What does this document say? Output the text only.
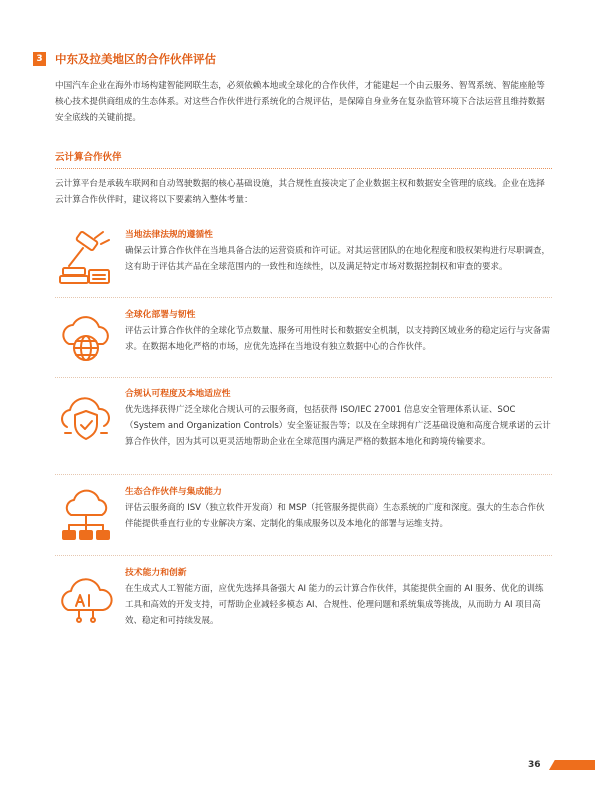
3 中东及拉美地区的合作伙伴评估

中国汽车企业在海外市场构建智能网联生态，必须依赖本地或全球化的合作伙伴，才能建起一个由云服务、智驾系统、智能座舱等核心技术提供商组成的生态体系。对这些合作伙伴进行系统化的合规评估，是保障自身业务在复杂监管环境下合法运营且维持数据安全底线的关键前提。

云计算合作伙伴

云计算平台是承载车联网和自动驾驶数据的核心基础设施，其合规性直接决定了企业数据主权和数据安全管理的底线。企业在选择云计算合作伙伴时，建议将以下要素纳入整体考量：

当地法律法规的遵循性

确保云计算合作伙伴在当地具备合法的运营资质和许可证。对其运营团队的在地化程度和股权架构进行尽职调查，这有助于评估其产品在全球范围内的一致性和连续性，以及满足特定市场对数据控制权和审查的要求。

全球化部署与韧性

评估云计算合作伙伴的全球化节点数量、服务可用性时长和数据安全机制，以支持跨区域业务的稳定运行与灾备需求。在数据本地化严格的市场，应优先选择在当地设有独立数据中心的合作伙伴。

合规认可程度及本地适应性

优先选择获得广泛全球化合规认可的云服务商，包括获得 ISO/IEC 27001 信息安全管理体系认证、SOC（System and Organization Controls）安全鉴证报告等；以及在全球拥有广泛基础设施和高度合规承诺的云计算合作伙伴，因为其可以更灵活地帮助企业在全球范围内满足严格的数据本地化和跨境传输要求。

生态合作伙伴与集成能力

评估云服务商的 ISV（独立软件开发商）和 MSP（托管服务提供商）生态系统的广度和深度。强大的生态合作伙伴能提供垂直行业的专业解决方案、定制化的集成服务以及本地化的部署与运维支持。

技术能力和创新

在生成式人工智能方面，应优先选择具备强大 AI 能力的云计算合作伙伴，其能提供全面的 AI 服务、优化的训练工具和高效的开发支持，可帮助企业减轻多模态 AI、合规性、伦理问题和系统集成等挑战，从而助力 AI 项目高效、稳定和可持续发展。

36
